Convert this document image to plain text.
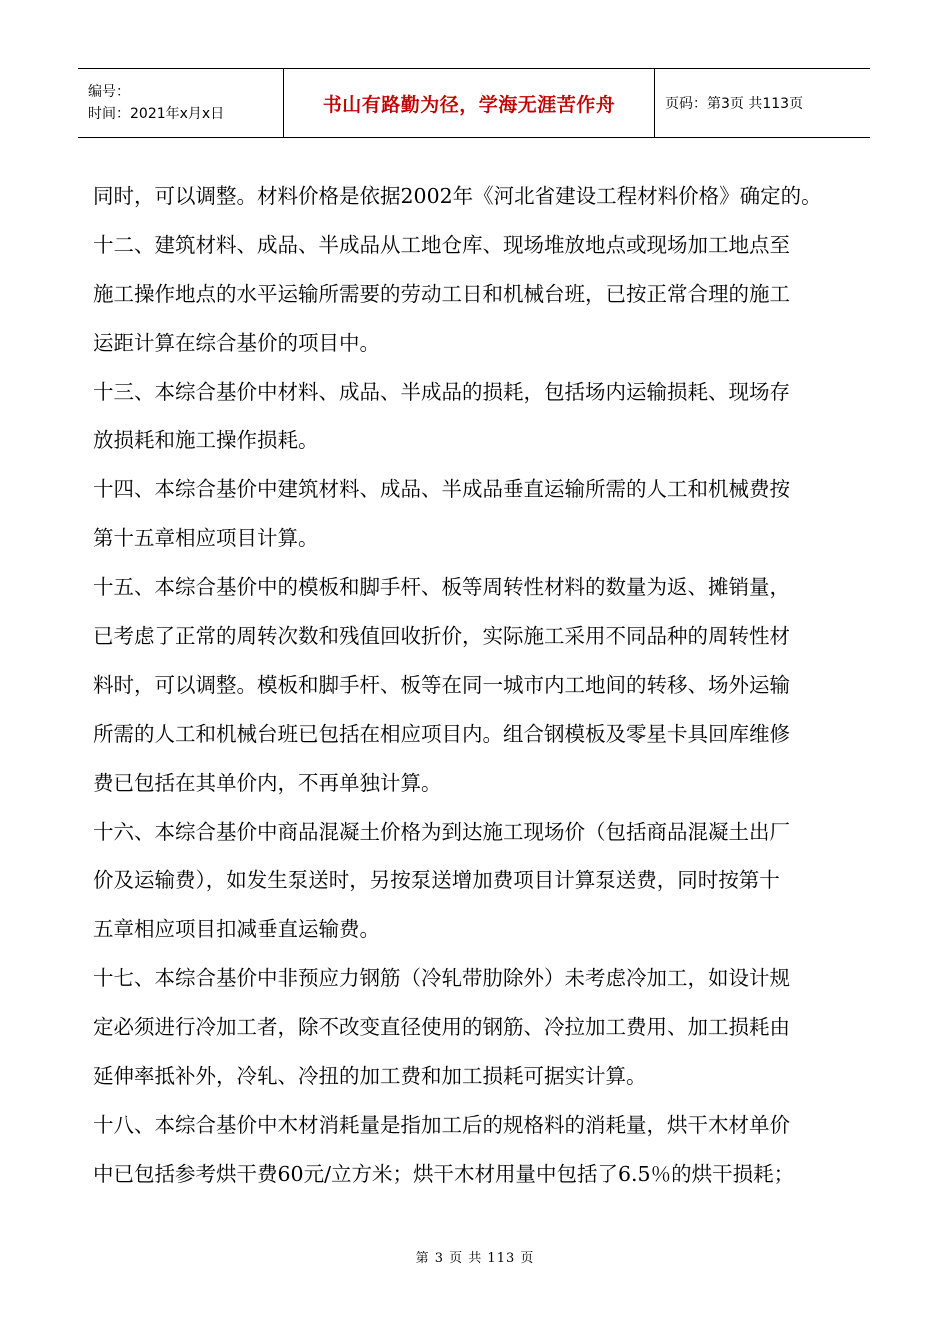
编号：
时间：2021年x月x日	书山有路勤为径，学海无涯苦作舟	页码：第3页 共113页
同时，可以调整。材料价格是依据2002年《河北省建设工程材料价格》确定的。
十二、建筑材料、成品、半成品从工地仓库、现场堆放地点或现场加工地点至
施工操作地点的水平运输所需要的劳动工日和机械台班，已按正常合理的施工
运距计算在综合基价的项目中。
十三、本综合基价中材料、成品、半成品的损耗，包括场内运输损耗、现场存
放损耗和施工操作损耗。
十四、本综合基价中建筑材料、成品、半成品垂直运输所需的人工和机械费按
第十五章相应项目计算。
十五、本综合基价中的模板和脚手杆、板等周转性材料的数量为返、摊销量，
已考虑了正常的周转次数和残值回收折价，实际施工采用不同品种的周转性材
料时，可以调整。模板和脚手杆、板等在同一城市内工地间的转移、场外运输
所需的人工和机械台班已包括在相应项目内。组合钢模板及零星卡具回库维修
费已包括在其单价内，不再单独计算。
十六、本综合基价中商品混凝土价格为到达施工现场价（包括商品混凝土出厂
价及运输费），如发生泵送时，另按泵送增加费项目计算泵送费，同时按第十
五章相应项目扣减垂直运输费。
十七、本综合基价中非预应力钢筋（冷轧带肋除外）未考虑冷加工，如设计规
定必须进行冷加工者，除不改变直径使用的钢筋、冷拉加工费用、加工损耗由
延伸率抵补外，冷轧、冷扭的加工费和加工损耗可据实计算。
十八、本综合基价中木材消耗量是指加工后的规格料的消耗量，烘干木材单价
中已包括参考烘干费60元/立方米；烘干木材用量中包括了6.5％的烘干损耗；
第 3 页 共 113 页
